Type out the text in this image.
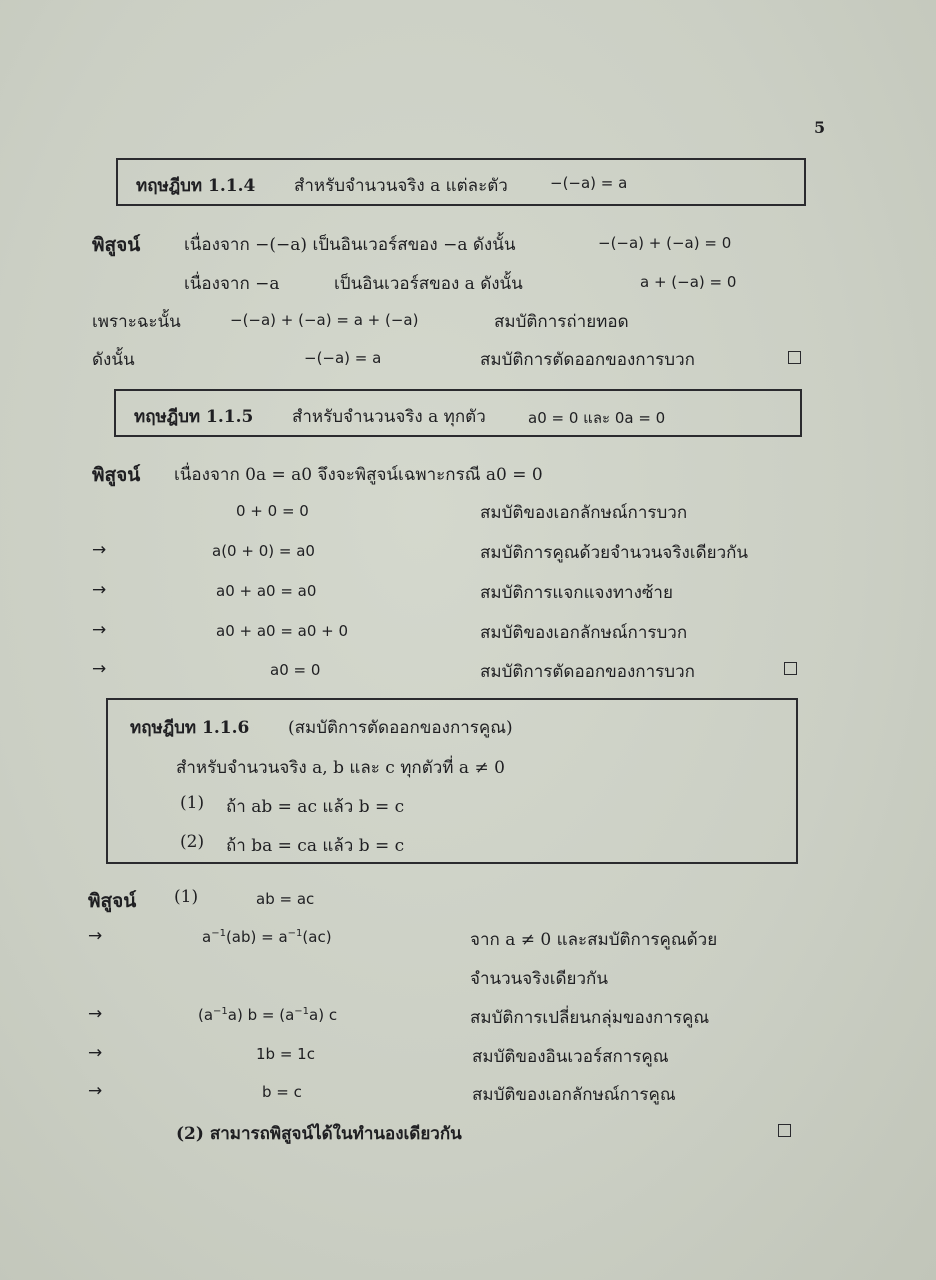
5
ทฤษฎีบท 1.1.4 สำหรับจำนวนจริง a แต่ละตัว	−(−a) = a
พิสูจน์	เนื่องจาก −(−a) เป็นอินเวอร์สของ −a ดังนั้น	−(−a) + (−a) = 0
เนื่องจาก −a	เป็นอินเวอร์สของ a ดังนั้น	a + (−a) = 0
เพราะฉะนั้น	−(−a) + (−a) = a + (−a)	สมบัติการถ่ายทอด
ดังนั้น	−(−a) = a	สมบัติการตัดออกของการบวก
ทฤษฎีบท 1.1.5 สำหรับจำนวนจริง a ทุกตัว	a0 = 0 และ 0a = 0
พิสูจน์ เนื่องจาก 0a = a0 จึงจะพิสูจน์เฉพาะกรณี a0 = 0
0 + 0 = 0	สมบัติของเอกลักษณ์การบวก
→	a(0 + 0) = a0	สมบัติการคูณด้วยจำนวนจริงเดียวกัน
→	a0 + a0 = a0	สมบัติการแจกแจงทางซ้าย
→	a0 + a0 = a0 + 0	สมบัติของเอกลักษณ์การบวก
→	a0 = 0	สมบัติการตัดออกของการบวก
ทฤษฎีบท 1.1.6 (สมบัติการตัดออกของการคูณ)
สำหรับจำนวนจริง a, b และ c ทุกตัวที่ a ≠ 0
(1) ถ้า ab = ac แล้ว b = c
(2) ถ้า ba = ca แล้ว b = c
พิสูจน์ (1)	ab = ac
→	$a^{-1}(ab) = a^{-1}(ac)$	จาก a ≠ 0 และสมบัติการคูณด้วย
จำนวนจริงเดียวกัน
→	$(a^{-1}a) b = (a^{-1}a)$ c	สมบัติการเปลี่ยนกลุ่มของการคูณ
→	1b = 1c	สมบัติของอินเวอร์สการคูณ
→	b = c	สมบัติของเอกลักษณ์การคูณ
(2) สามารถพิสูจน์ได้ในทำนองเดียวกัน
